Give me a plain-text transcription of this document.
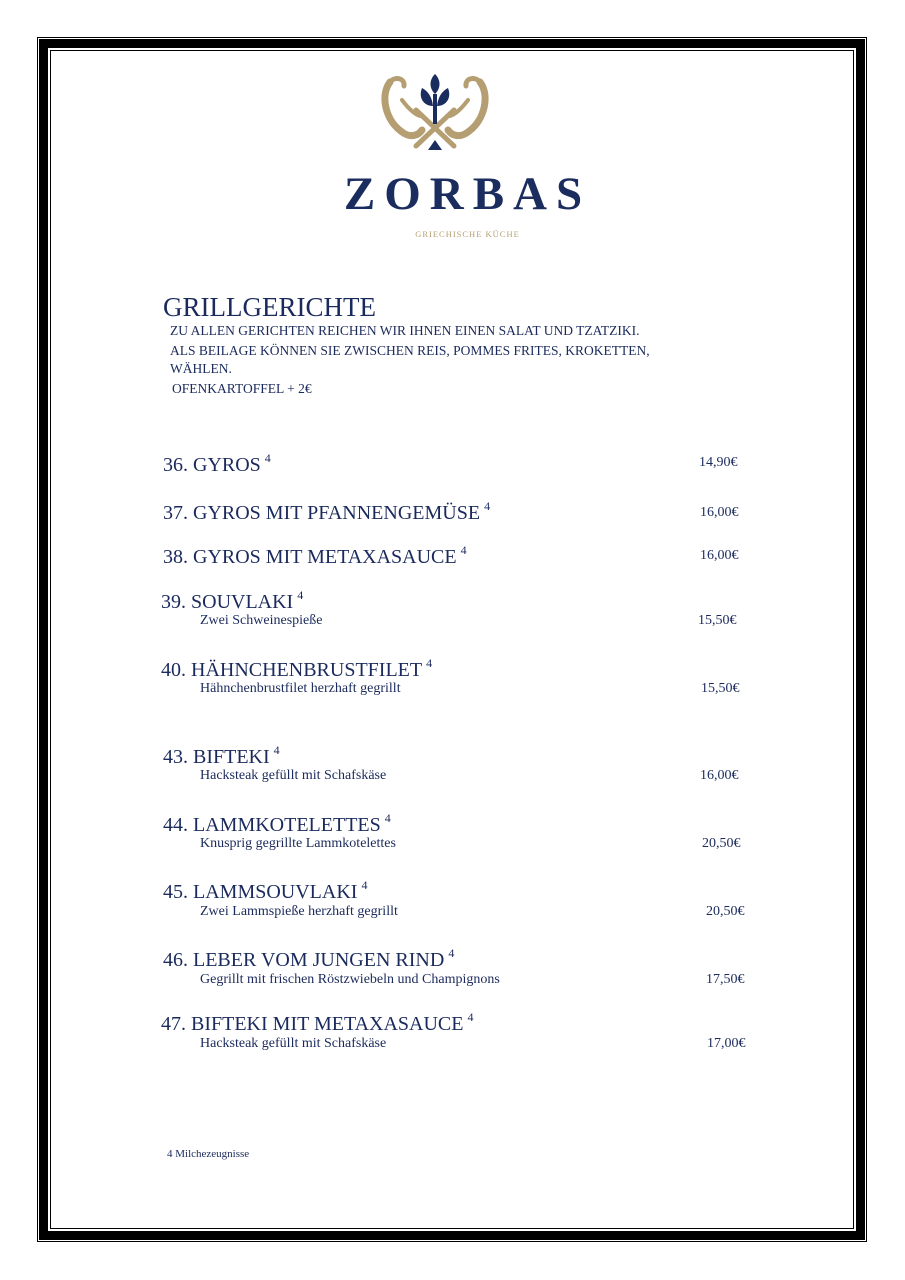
ZORBAS
GRIECHISCHE KÜCHE
GRILLGERICHTE
ZU ALLEN GERICHTEN REICHEN WIR IHNEN EINEN SALAT UND TZATZIKI.
ALS BEILAGE KÖNNEN SIE ZWISCHEN REIS, POMMES FRITES, KROKETTEN,
WÄHLEN.
OFENKARTOFFEL + 2€
36. GYROS $^4$	14,90€
37. GYROS MIT PFANNENGEMÜSE $^4$	16,00€
38. GYROS MIT METAXASAUCE $^4$	16,00€
39. SOUVLAKI $^4$
Zwei Schweinespieße	15,50€
40. HÄHNCHENBRUSTFILET $^4$
Hähnchenbrustfilet herzhaft gegrillt	15,50€
43. BIFTEKI $^4$
Hacksteak gefüllt mit Schafskäse	16,00€
44. LAMMKOTELETTES $^4$
Knusprig gegrillte Lammkotelettes	20,50€
45. LAMMSOUVLAKI $^4$
Zwei Lammspieße herzhaft gegrillt	20,50€
46. LEBER VOM JUNGEN RIND $^4$
Gegrillt mit frischen Röstzwiebeln und Champignons	17,50€
47. BIFTEKI MIT METAXASAUCE $^4$
Hacksteak gefüllt mit Schafskäse	17,00€
4 Milchezeugnisse
